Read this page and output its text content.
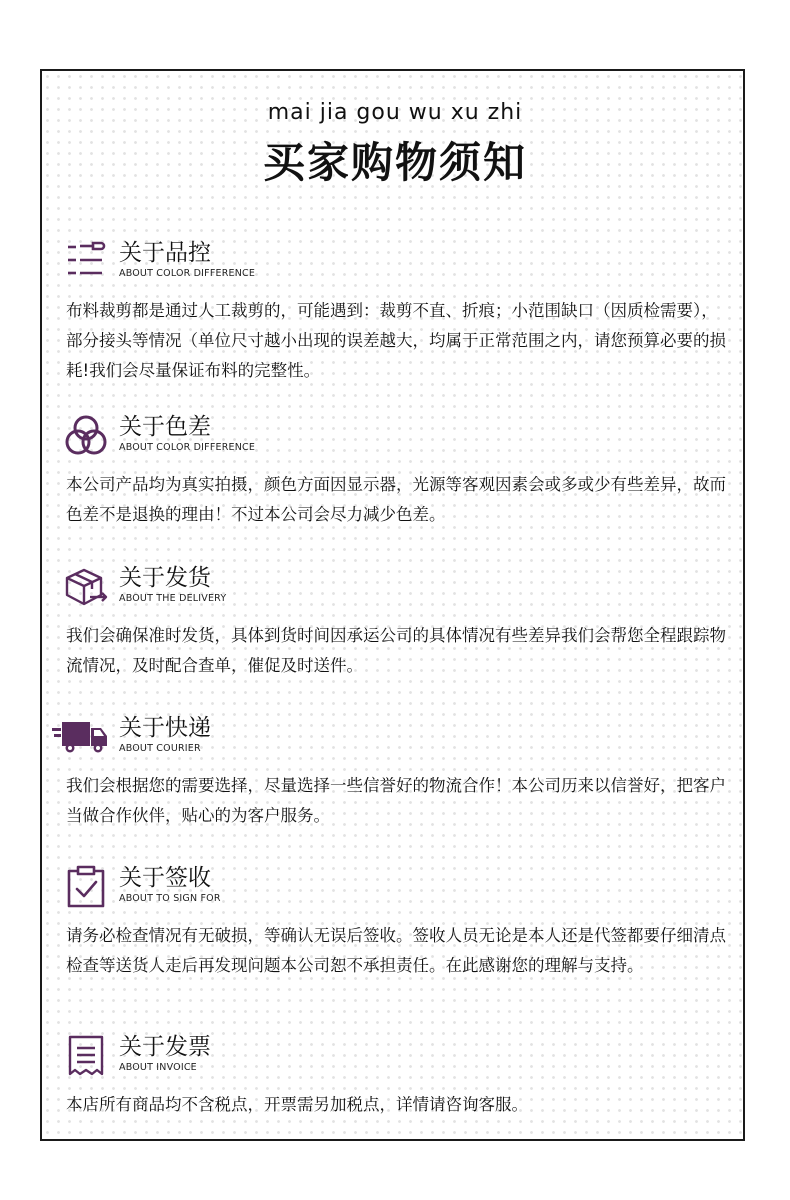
mai jia gou wu xu zhi
买家购物须知
关于品控
ABOUT COLOR DIFFERENCE
布料裁剪都是通过人工裁剪的，可能遇到：裁剪不直、折痕；小范围缺口（因质检需要），部分接头等情况（单位尺寸越小出现的误差越大，均属于正常范围之内，请您预算必要的损耗!我们会尽量保证布料的完整性。
关于色差
ABOUT COLOR DIFFERENCE
本公司产品均为真实拍摄，颜色方面因显示器，光源等客观因素会或多或少有些差异，故而色差不是退换的理由！不过本公司会尽力减少色差。
关于发货
ABOUT THE DELIVERY
我们会确保准时发货，具体到货时间因承运公司的具体情况有些差异我们会帮您全程跟踪物流情况，及时配合查单，催促及时送件。
关于快递
ABOUT COURIER
我们会根据您的需要选择，尽量选择一些信誉好的物流合作！本公司历来以信誉好，把客户当做合作伙伴，贴心的为客户服务。
关于签收
ABOUT TO SIGN FOR
请务必检查情况有无破损，等确认无误后签收。签收人员无论是本人还是代签都要仔细清点检查等送货人走后再发现问题本公司恕不承担责任。在此感谢您的理解与支持。
关于发票
ABOUT INVOICE
本店所有商品均不含税点，开票需另加税点，详情请咨询客服。
